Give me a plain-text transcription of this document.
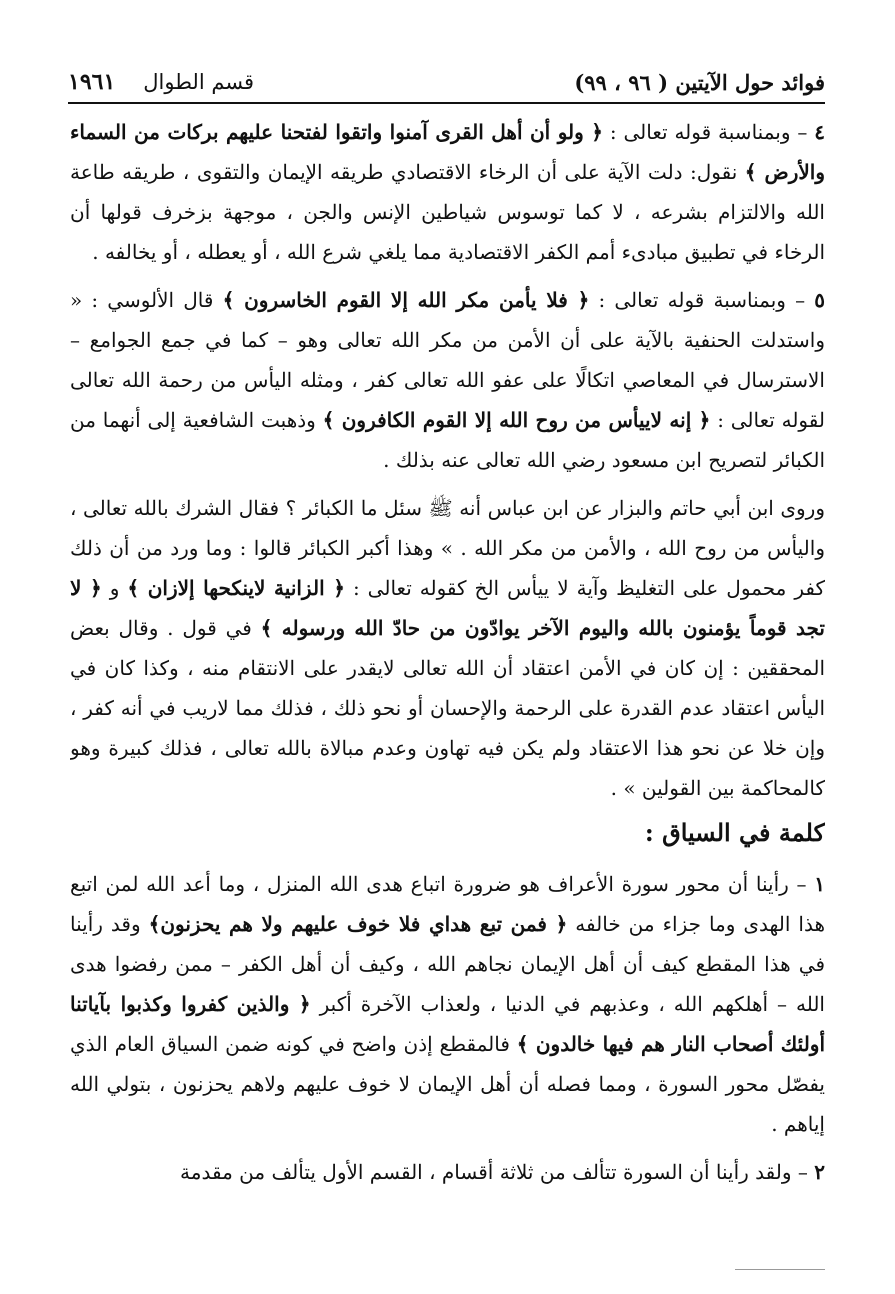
فوائد حول الآيتين ( ٩٦ ، ٩٩)
قسم الطوال
١٩٦١

٤ – وبمناسبة قوله تعالى : ﴿ ولو أن أهل القرى آمنوا واتقوا لفتحنا عليهم بركات من السماء والأرض ﴾ نقول: دلت الآية على أن الرخاء الاقتصادي طريقه الإيمان والتقوى ، طريقه طاعة الله والالتزام بشرعه ، لا كما توسوس شياطين الإنس والجن ، موجهة بزخرف قولها أن الرخاء في تطبيق مبادىء أمم الكفر الاقتصادية مما يلغي شرع الله ، أو يعطله ، أو يخالفه .

٥ – وبمناسبة قوله تعالى : ﴿ فلا يأمن مكر الله إلا القوم الخاسرون ﴾ قال الألوسي : « واستدلت الحنفية بالآية على أن الأمن من مكر الله تعالى وهو – كما في جمع الجوامع – الاسترسال في المعاصي اتكالًا على عفو الله تعالى كفر ، ومثله اليأس من رحمة الله تعالى لقوله تعالى : ﴿ إنه لاييأس من روح الله إلا القوم الكافرون ﴾ وذهبت الشافعية إلى أنهما من الكبائر لتصريح ابن مسعود رضي الله تعالى عنه بذلك .

وروى ابن أبي حاتم والبزار عن ابن عباس أنه ﷺ سئل ما الكبائر ؟ فقال الشرك بالله تعالى ، واليأس من روح الله ، والأمن من مكر الله . » وهذا أكبر الكبائر قالوا : وما ورد من أن ذلك كفر محمول على التغليظ وآية لا ييأس الخ كقوله تعالى : ﴿ الزانية لاينكحها إلازان ﴾ و ﴿ لا تجد قوماً يؤمنون بالله واليوم الآخر يوادّون من حادّ الله ورسوله ﴾ في قول . وقال بعض المحققين : إن كان في الأمن اعتقاد أن الله تعالى لايقدر على الانتقام منه ، وكذا كان في اليأس اعتقاد عدم القدرة على الرحمة والإحسان أو نحو ذلك ، فذلك مما لاريب في أنه كفر ، وإن خلا عن نحو هذا الاعتقاد ولم يكن فيه تهاون وعدم مبالاة بالله تعالى ، فذلك كبيرة وهو كالمحاكمة بين القولين » .

كلمة في السياق :

١ – رأينا أن محور سورة الأعراف هو ضرورة اتباع هدى الله المنزل ، وما أعد الله لمن اتبع هذا الهدى وما جزاء من خالفه ﴿ فمن تبع هداي فلا خوف عليهم ولا هم يحزنون﴾ وقد رأينا في هذا المقطع كيف أن أهل الإيمان نجاهم الله ، وكيف أن أهل الكفر – ممن رفضوا هدى الله – أهلكهم الله ، وعذبهم في الدنيا ، ولعذاب الآخرة أكبر ﴿ والذين كفروا وكذبوا بآياتنا أولئك أصحاب النار هم فيها خالدون ﴾ فالمقطع إذن واضح في كونه ضمن السياق العام الذي يفصّل محور السورة ، ومما فصله أن أهل الإيمان لا خوف عليهم ولاهم يحزنون ، بتولي الله إياهم .

٢ – ولقد رأينا أن السورة تتألف من ثلاثة أقسام ، القسم الأول يتألف من مقدمة
